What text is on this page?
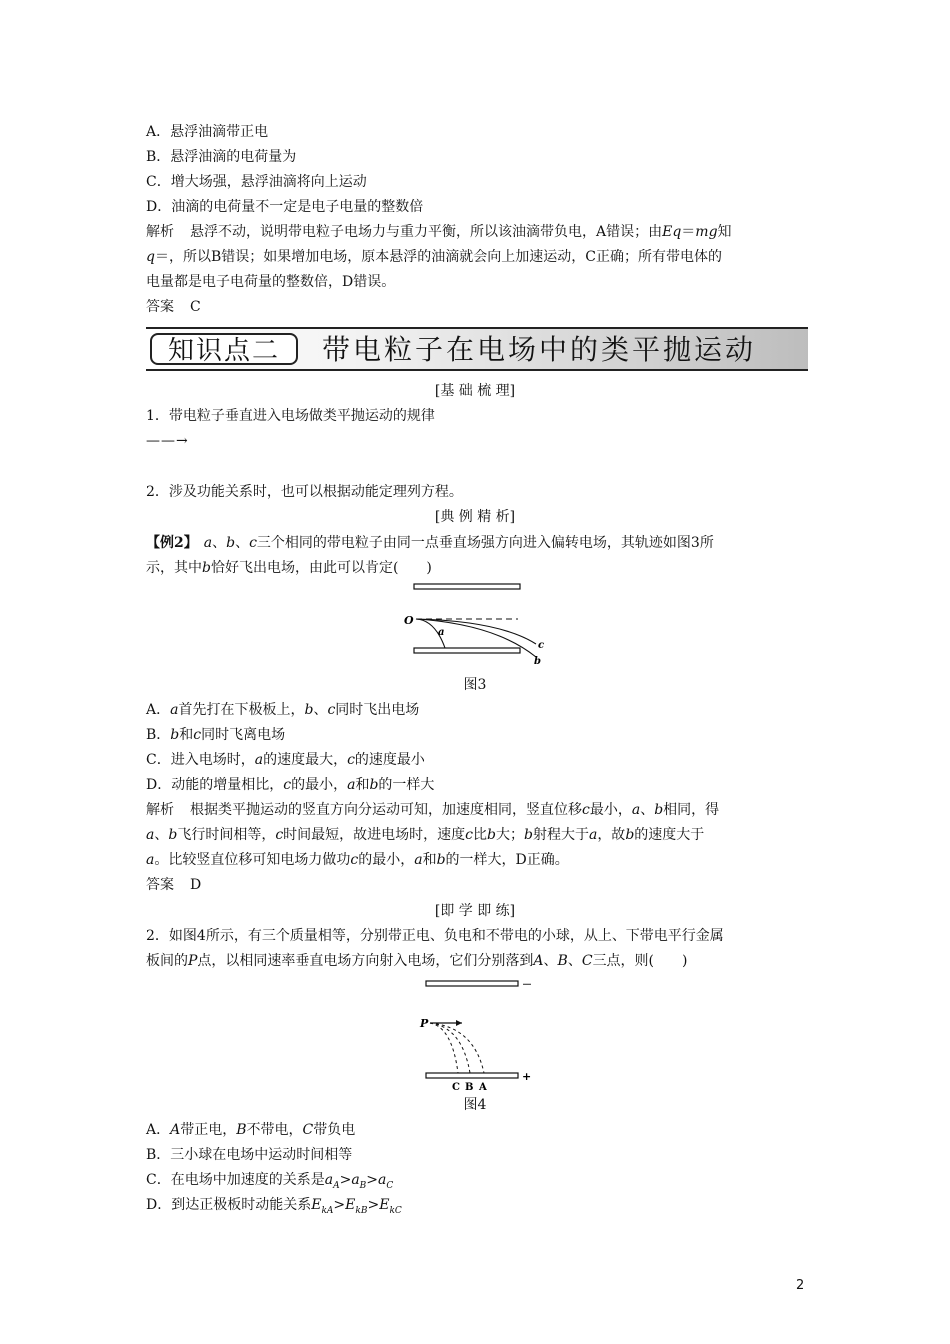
A．悬浮油滴带正电
B．悬浮油滴的电荷量为
C．增大场强，悬浮油滴将向上运动
D．油滴的电荷量不一定是电子电量的整数倍
解析 悬浮不动，说明带电粒子电场力与重力平衡，所以该油滴带负电，A错误；由Eq＝mg知
q＝，所以B错误；如果增加电场，原本悬浮的油滴就会向上加速运动，C正确；所有带电体的
电量都是电子电荷量的整数倍，D错误。
答案 C
知识点二	带电粒子在电场中的类平抛运动
[基 础 梳 理]
1．带电粒子垂直进入电场做类平抛运动的规律
——→
2．涉及功能关系时，也可以根据动能定理列方程。
[典 例 精 析]
【例2】 a、b、c三个相同的带电粒子由同一点垂直场强方向进入偏转电场，其轨迹如图3所
示，其中b恰好飞出电场，由此可以肯定(　　)
O
a
b
c
图3
A．a首先打在下极板上，b、c同时飞出电场
B．b和c同时飞离电场
C．进入电场时，a的速度最大，c的速度最小
D．动能的增量相比，c的最小，a和b的一样大
解析 根据类平抛运动的竖直方向分运动可知，加速度相同，竖直位移c最小，a、b相同，得
a、b飞行时间相等，c时间最短，故进电场时，速度c比b大；b射程大于a，故b的速度大于
a。比较竖直位移可知电场力做功c的最小，a和b的一样大，D正确。
答案 D
[即 学 即 练]
2．如图4所示，有三个质量相等，分别带正电、负电和不带电的小球，从上、下带电平行金属
板间的P点，以相同速率垂直电场方向射入电场，它们分别落到A、B、C三点，则(　　)
－
+
P
C B A
图4
A．A带正电，B不带电，C带负电
B．三小球在电场中运动时间相等
C．在电场中加速度的关系是$a_A>a_B>a_C$
D．到达正极板时动能关系$E_{kA}>E_{kB}>E_{kC}$
2
